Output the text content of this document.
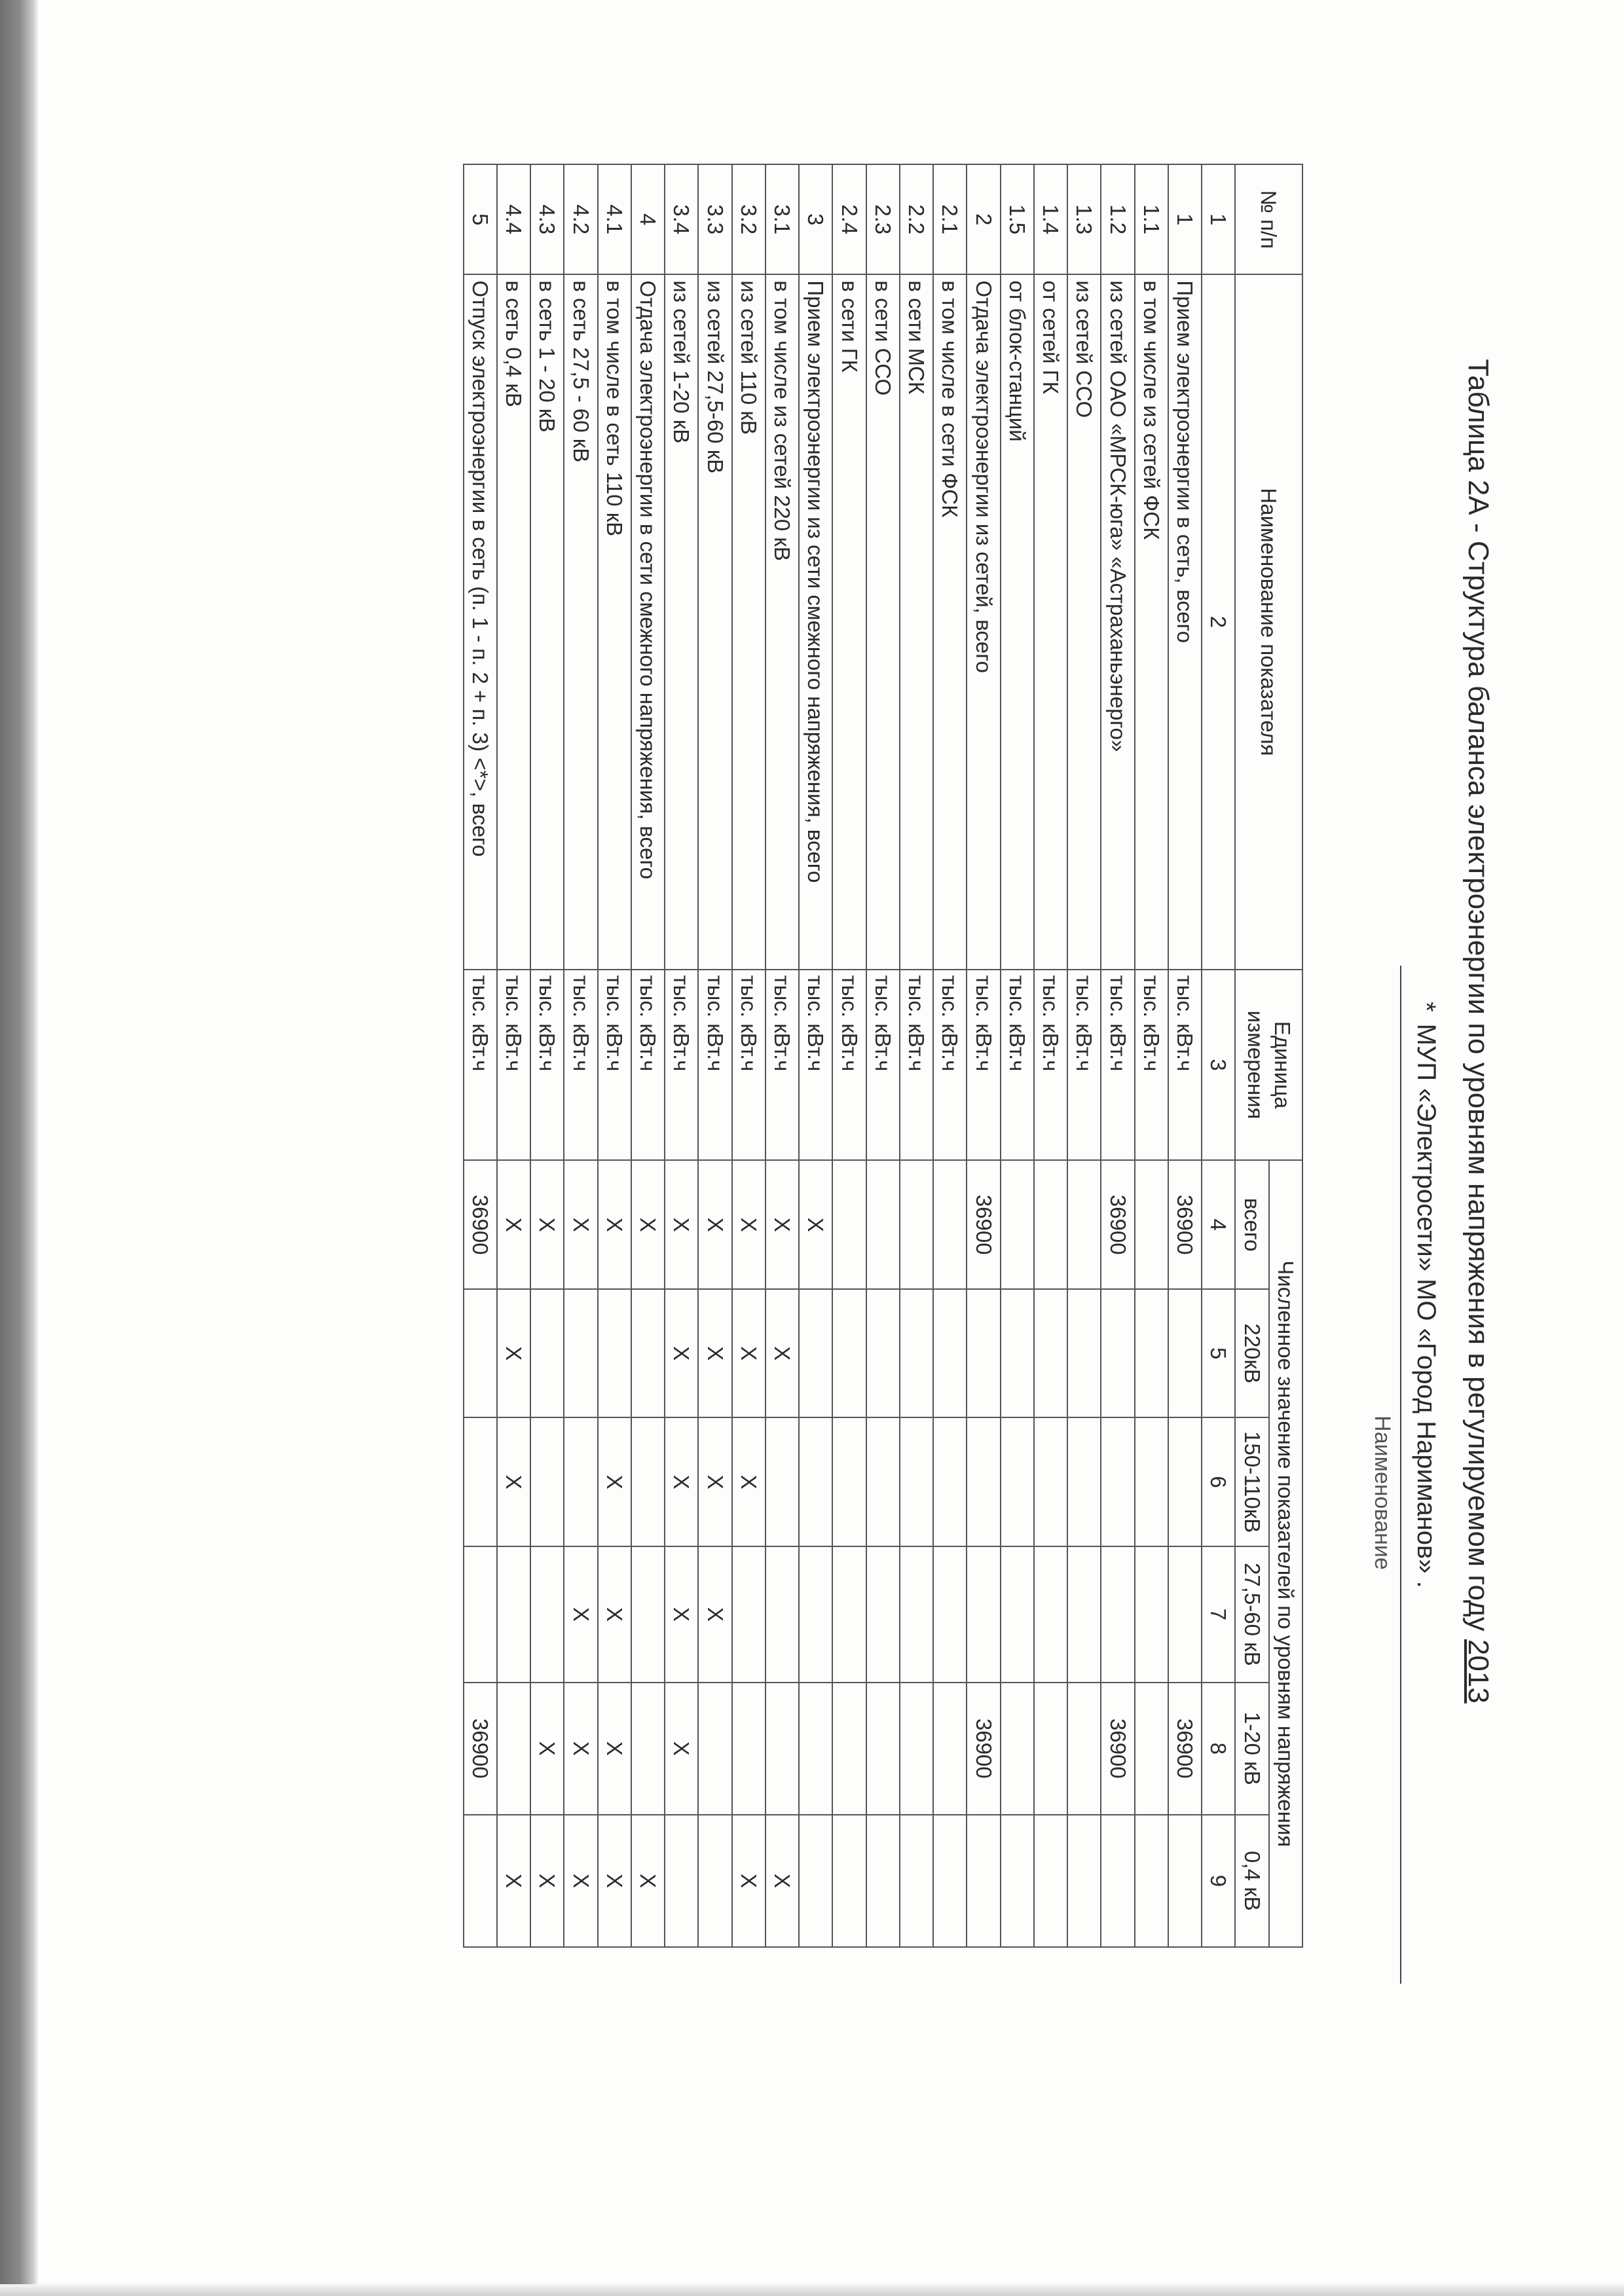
Таблица 2А - Структура баланса электроэнергии по уровням напряжения в регулируемом году 2013
*МУП «Электросети» МО «Город Нариманов» .
Наименование
№ п/п	Наименование показателя	Единица измерения	Численное значение показателей по уровням напряжения					
			всего	220кВ	150-110кВ	27,5-60 кВ	1-20 кВ	0,4 кВ
1	2	3	4	5	6	7	8	9
1	Прием электроэнергии в сеть, всего	тыс. кВт.ч	36900				36900	
1.1	в том числе из сетей ФСК	тыс. кВт.ч						
1.2	из сетей ОАО «МРСК-юга» «Астраханьэнерго»	тыс. кВт.ч	36900				36900	
1.3	из сетей ССО	тыс. кВт.ч						
1.4	от сетей ГК	тыс. кВт.ч						
1.5	от блок-станций	тыс. кВт.ч						
2	Отдача электроэнергии из сетей, всего	тыс. кВт.ч	36900				36900	
2.1	в том числе в сети ФСК	тыс. кВт.ч						
2.2	в сети МСК	тыс. кВт.ч						
2.3	в сети ССО	тыс. кВт.ч						
2.4	в сети ГК	тыс. кВт.ч						
3	Прием электроэнергии из сети смежного напряжения, всего	тыс. кВт.ч	Х					
3.1	в том числе из сетей 220 кВ	тыс. кВт.ч	Х	Х				Х
3.2	из сетей 110 кВ	тыс. кВт.ч	Х	Х	Х			Х
3.3	из сетей 27,5-60 кВ	тыс. кВт.ч	Х	Х	Х	Х		
3.4	из сетей 1-20 кВ	тыс. кВт.ч	Х	Х	Х	Х	Х	
4	Отдача электроэнергии в сети смежного напряжения, всего	тыс. кВт.ч	Х					Х
4.1	в том числе в сеть 110 кВ	тыс. кВт.ч	Х		Х	Х	Х	Х
4.2	в сеть 27,5 - 60 кВ	тыс. кВт.ч	Х			Х	Х	Х
4.3	в сеть 1 - 20 кВ	тыс. кВт.ч	Х				Х	Х
4.4	в сеть 0,4 кВ	тыс. кВт.ч	Х	Х	Х			Х
5	Отпуск электроэнергии в сеть (п. 1 - п. 2 + п. 3) <*>, всего	тыс. кВт.ч	36900				36900	
